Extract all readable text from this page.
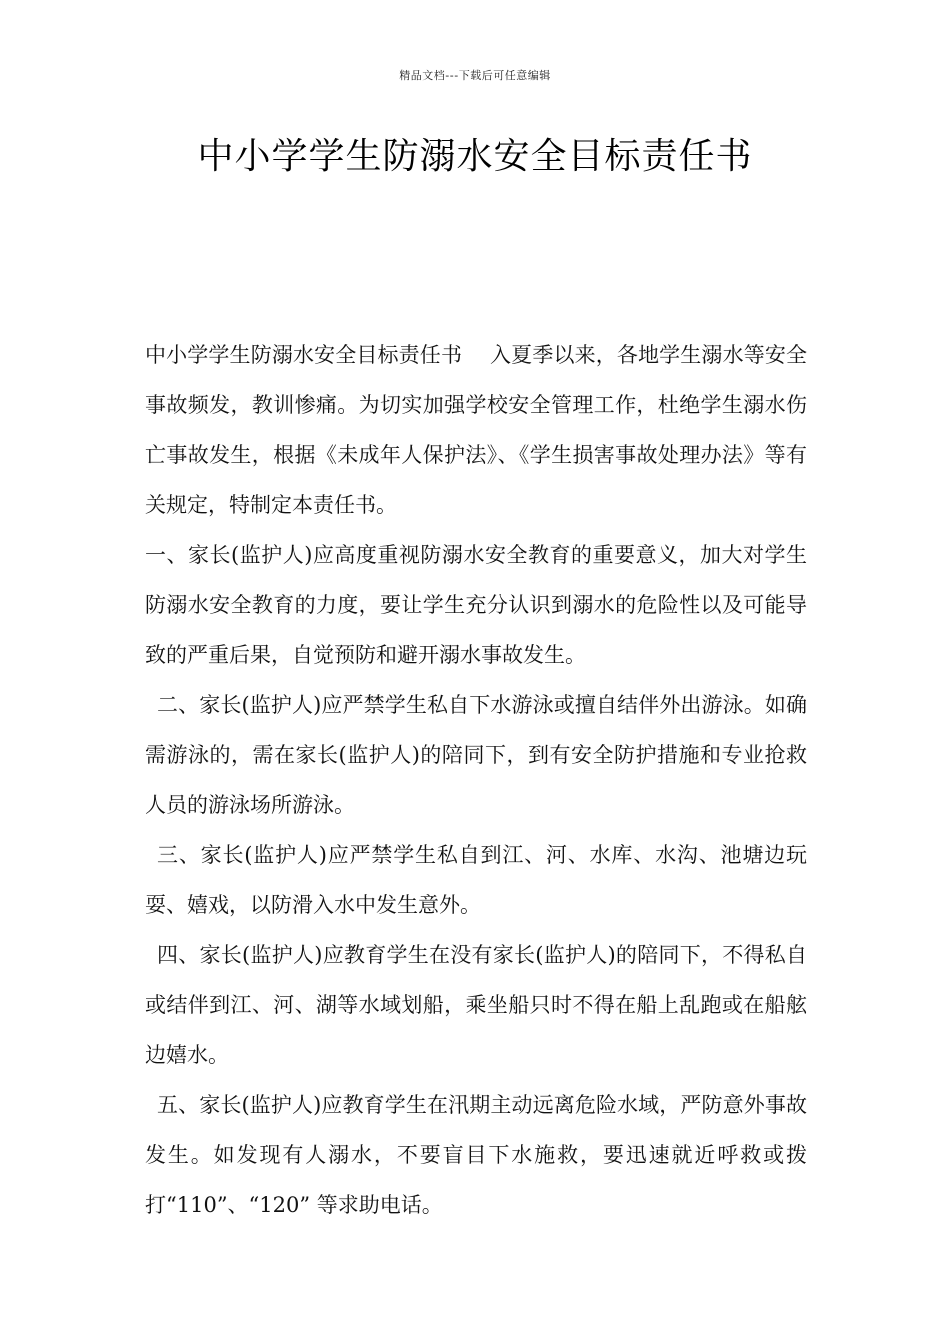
精品文档---下载后可任意编辑
中小学学生防溺水安全目标责任书

中小学学生防溺水安全目标责任书　 入夏季以来，各地学生溺水等安全事故频发，教训惨痛。为切实加强学校安全管理工作，杜绝学生溺水伤亡事故发生，根据《未成年人保护法》、《学生损害事故处理办法》等有关规定，特制定本责任书。

一、家长(监护人)应高度重视防溺水安全教育的重要意义，加大对学生防溺水安全教育的力度，要让学生充分认识到溺水的危险性以及可能导致的严重后果，自觉预防和避开溺水事故发生。

二、家长(监护人)应严禁学生私自下水游泳或擅自结伴外出游泳。如确需游泳的，需在家长(监护人)的陪同下，到有安全防护措施和专业抢救人员的游泳场所游泳。

三、家长(监护人)应严禁学生私自到江、河、水库、水沟、池塘边玩耍、嬉戏，以防滑入水中发生意外。

四、家长(监护人)应教育学生在没有家长(监护人)的陪同下，不得私自或结伴到江、河、湖等水域划船，乘坐船只时不得在船上乱跑或在船舷边嬉水。

五、家长(监护人)应教育学生在汛期主动远离危险水域，严防意外事故发生。如发现有人溺水，不要盲目下水施救，要迅速就近呼救或拨打“110”、“120” 等求助电话。
